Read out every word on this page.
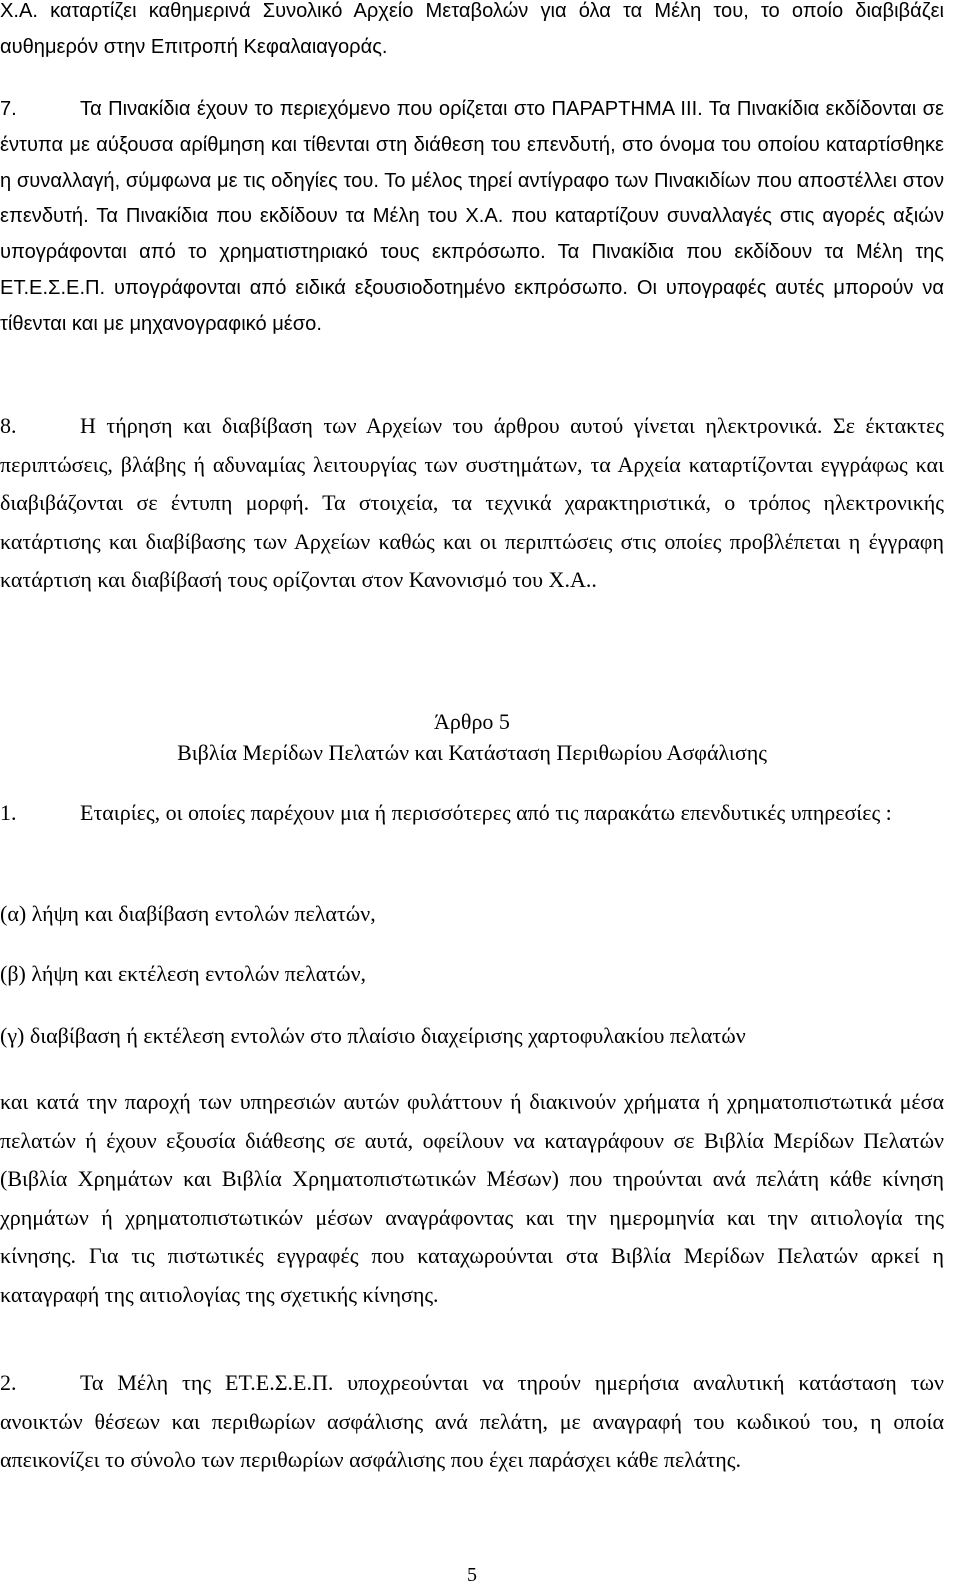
Χ.Α. καταρτίζει καθημερινά Συνολικό Αρχείο Μεταβολών για όλα τα Μέλη του, το οποίο διαβιβάζει αυθημερόν στην Επιτροπή Κεφαλαιαγοράς.

7.	Τα Πινακίδια έχουν το περιεχόμενο που ορίζεται στο ΠΑΡΑΡΤΗΜΑ ΙΙΙ. Τα Πινακίδια εκδίδονται σε έντυπα με αύξουσα αρίθμηση και τίθενται στη διάθεση του επενδυτή, στο όνομα του οποίου καταρτίσθηκε η συναλλαγή, σύμφωνα με τις οδηγίες του. Το μέλος τηρεί αντίγραφο των Πινακιδίων που αποστέλλει στον επενδυτή. Τα Πινακίδια που εκδίδουν τα Μέλη του Χ.Α. που καταρτίζουν συναλλαγές στις αγορές αξιών υπογράφονται από το χρηματιστηριακό τους εκπρόσωπο. Τα Πινακίδια που εκδίδουν τα Μέλη της ΕΤ.Ε.Σ.Ε.Π. υπογράφονται από ειδικά εξουσιοδοτημένο εκπρόσωπο. Οι υπογραφές αυτές μπορούν να τίθενται και με μηχανογραφικό μέσο.

8.	Η τήρηση και διαβίβαση των Αρχείων του άρθρου αυτού γίνεται ηλεκτρονικά. Σε έκτακτες περιπτώσεις, βλάβης ή αδυναμίας λειτουργίας των συστημάτων, τα Αρχεία καταρτίζονται εγγράφως και διαβιβάζονται σε έντυπη μορφή. Τα στοιχεία, τα τεχνικά χαρακτηριστικά, ο τρόπος ηλεκτρονικής κατάρτισης και διαβίβασης των Αρχείων καθώς και οι περιπτώσεις στις οποίες προβλέπεται η έγγραφη κατάρτιση και διαβίβασή τους ορίζονται στον Κανονισμό του Χ.Α..

Άρθρο 5

Βιβλία Μερίδων Πελατών και Κατάσταση Περιθωρίου Ασφάλισης

1.	Εταιρίες, οι οποίες παρέχουν μια ή περισσότερες από τις παρακάτω επενδυτικές υπηρεσίες :

(α) λήψη και διαβίβαση εντολών πελατών,

(β) λήψη και εκτέλεση εντολών πελατών,

(γ) διαβίβαση ή εκτέλεση εντολών στο πλαίσιο διαχείρισης χαρτοφυλακίου πελατών

και κατά την παροχή των υπηρεσιών αυτών φυλάττουν ή διακινούν χρήματα ή χρηματοπιστωτικά μέσα πελατών ή έχουν εξουσία διάθεσης σε αυτά, οφείλουν να καταγράφουν σε Βιβλία Μερίδων Πελατών (Βιβλία Χρημάτων και Βιβλία Χρηματοπιστωτικών Μέσων) που τηρούνται ανά πελάτη κάθε κίνηση χρημάτων ή χρηματοπιστωτικών μέσων αναγράφοντας και την ημερομηνία και την αιτιολογία της κίνησης. Για τις πιστωτικές εγγραφές που καταχωρούνται στα Βιβλία Μερίδων Πελατών αρκεί η καταγραφή της αιτιολογίας της σχετικής κίνησης.

2.	Τα Μέλη της ΕΤ.Ε.Σ.Ε.Π. υποχρεούνται να τηρούν ημερήσια αναλυτική κατάσταση των ανοικτών θέσεων και περιθωρίων ασφάλισης ανά πελάτη, με αναγραφή του κωδικού του, η οποία απεικονίζει το σύνολο των περιθωρίων ασφάλισης που έχει παράσχει κάθε πελάτης.

5
